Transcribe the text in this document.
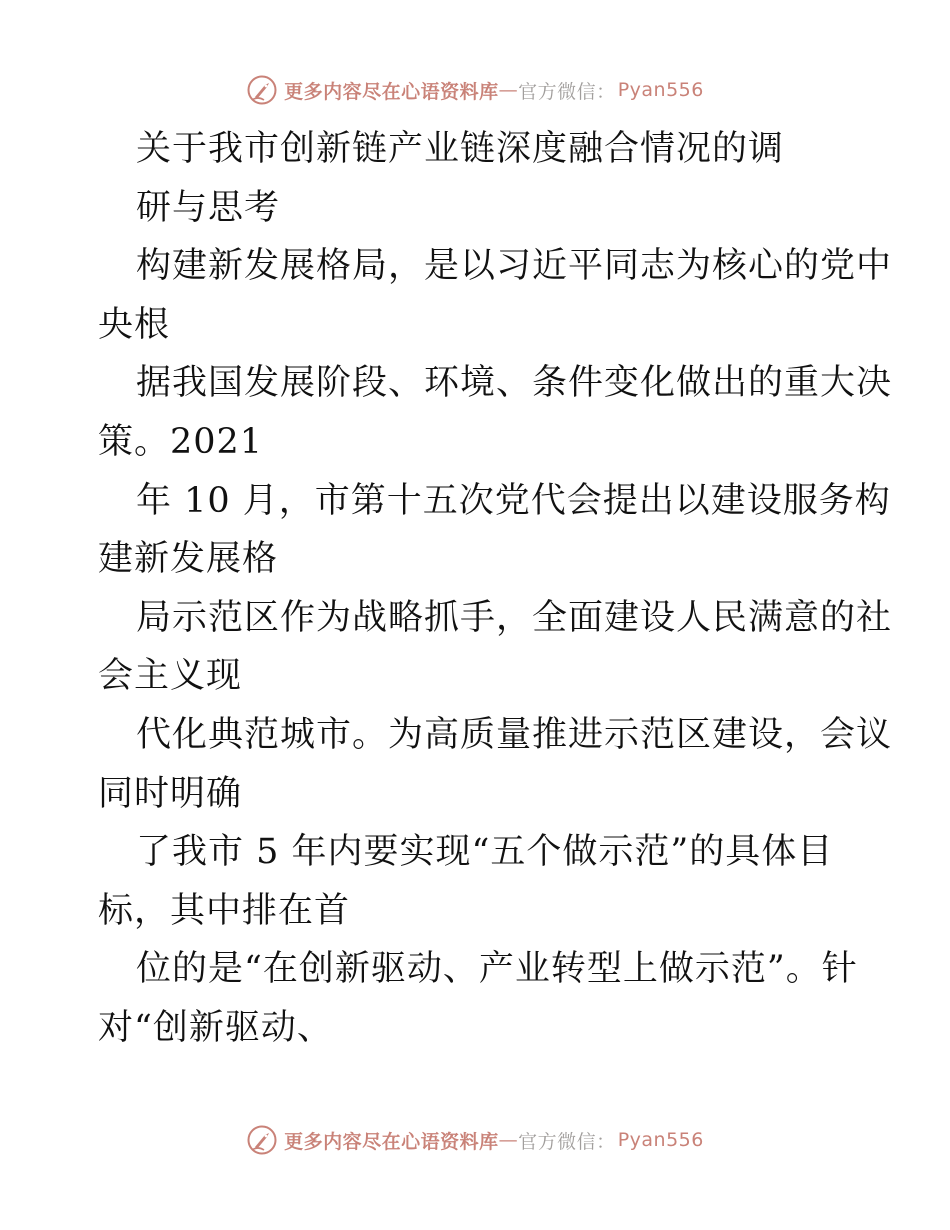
更多内容尽在心语资料库 — 官方微信： Pyan556
关于我市创新链产业链深度融合情况的调
研与思考
构建新发展格局，是以习近平同志为核心的党中
央根
据我国发展阶段、环境、条件变化做出的重大决
策。2021
年 10 月，市第十五次党代会提出以建设服务构
建新发展格
局示范区作为战略抓手，全面建设人民满意的社
会主义现
代化典范城市。为高质量推进示范区建设，会议
同时明确
了我市 5 年内要实现“五个做示范”的具体目
标，其中排在首
位的是“在创新驱动、产业转型上做示范”。针
对“创新驱动、
更多内容尽在心语资料库 — 官方微信： Pyan556
